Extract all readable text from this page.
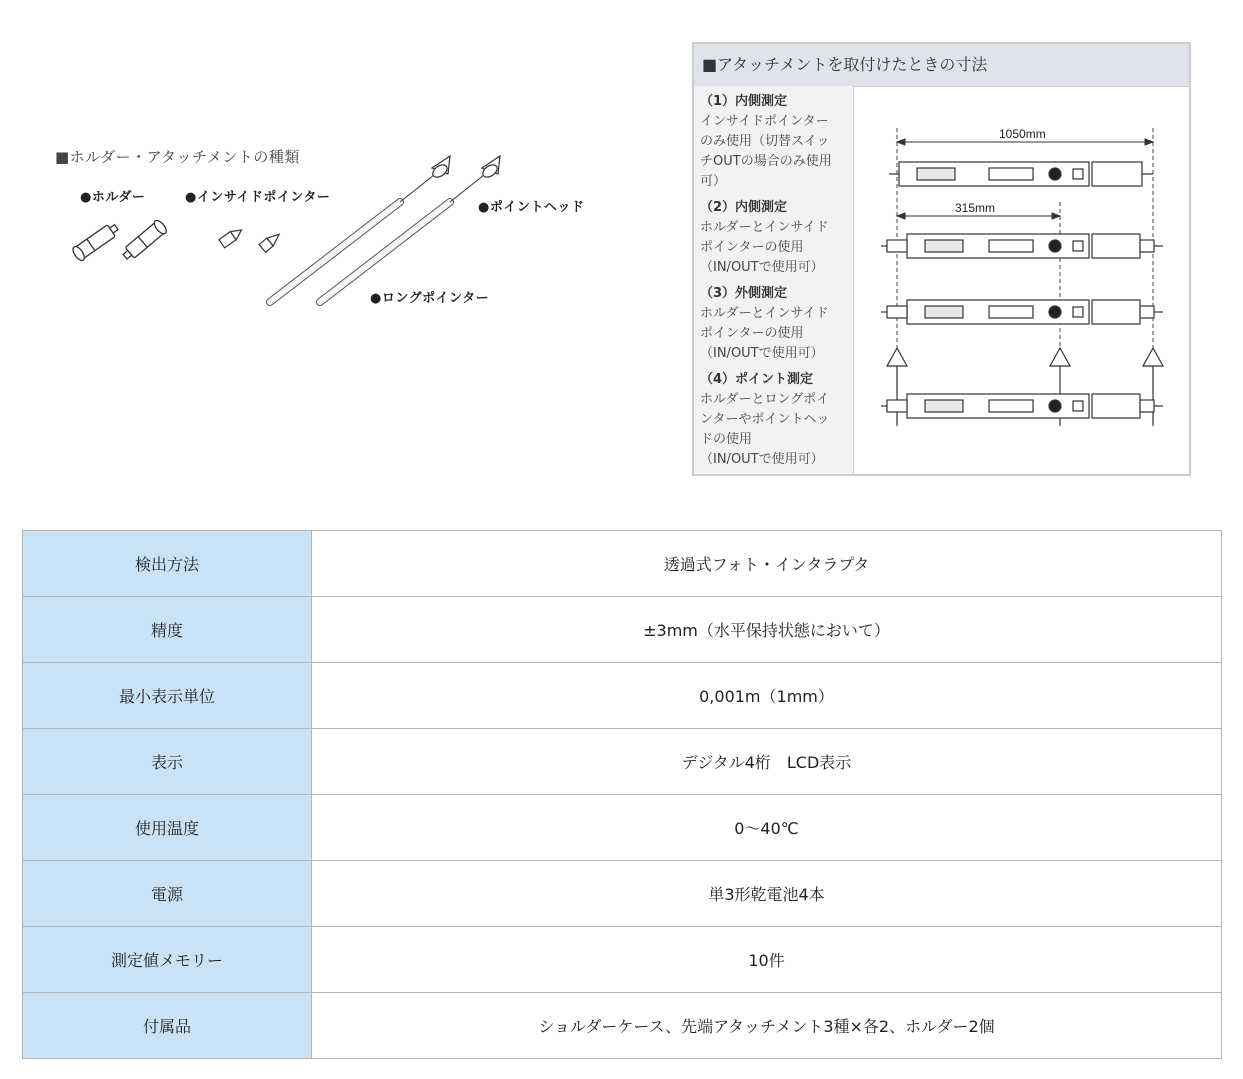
■ホルダー・アタッチメントの種類
●ホルダー	●インサイドポインター
●ポイントヘッド
●ロングポインター
■アタッチメントを取付けたときの寸法
（1）内側測定
インサイドポインター
のみ使用（切替スイッ
チOUTの場合のみ使用
可）
（2）内側測定
ホルダーとインサイド
ポインターの使用
（IN/OUTで使用可）
（3）外側測定
ホルダーとインサイド
ポインターの使用
（IN/OUTで使用可）
（4）ポイント測定
ホルダーとロングポイ
ンターやポイントヘッ
ドの使用
（IN/OUTで使用可）
1050mm
315mm
検出方法	透過式フォト・インタラプタ
精度	±3mm（水平保持状態において）
最小表示単位	0,001m（1mm）
表示	デジタル4桁　LCD表示
使用温度	0〜40℃
電源	単3形乾電池4本
測定値メモリー	10件
付属品	ショルダーケース、先端アタッチメント3種×各2、ホルダー2個
